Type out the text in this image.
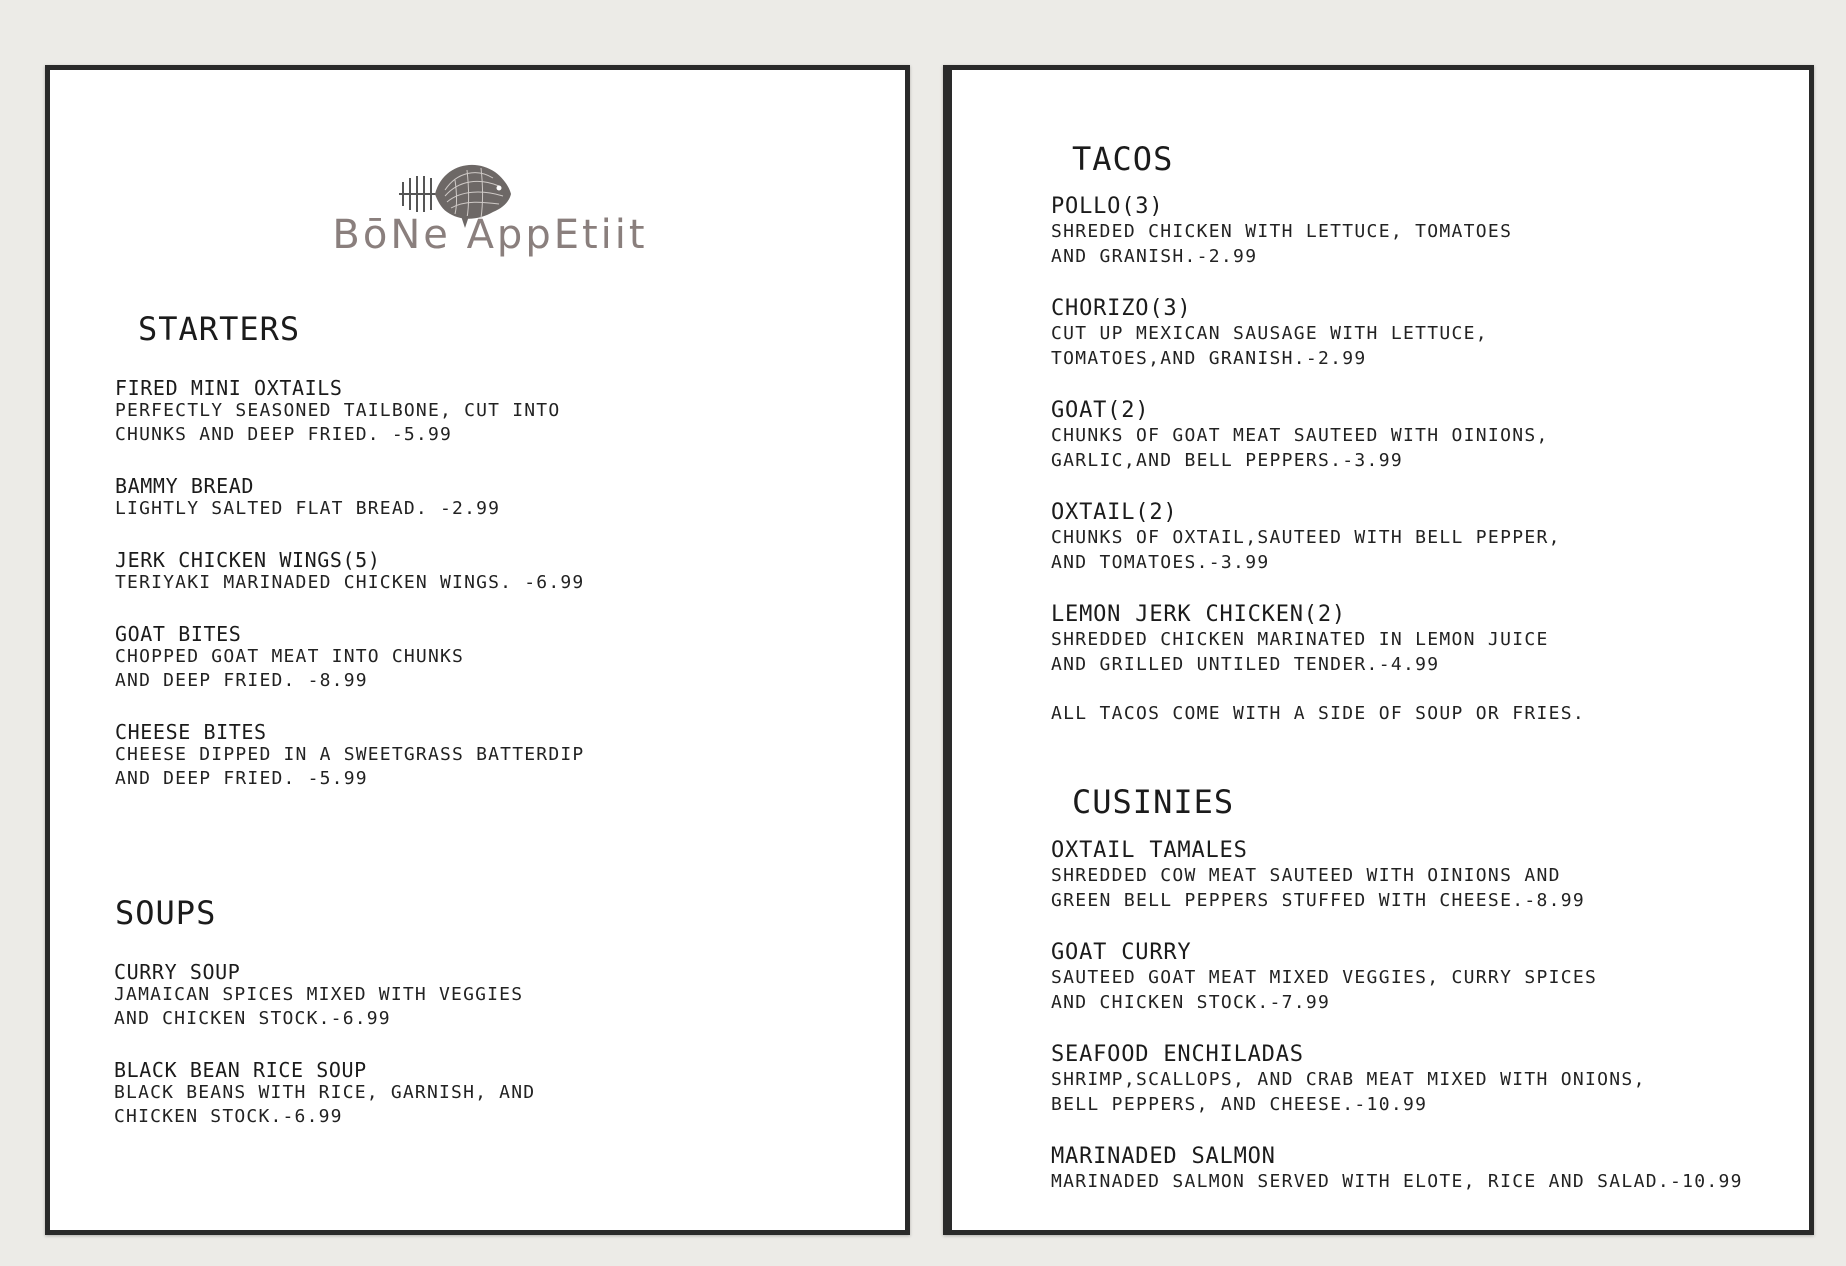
BōNe AppEtiit
STARTERS
FIRED MINI OXTAILS
PERFECTLY SEASONED TAILBONE, CUT INTO
CHUNKS AND DEEP FRIED. -5.99
BAMMY BREAD
LIGHTLY SALTED FLAT BREAD. -2.99
JERK CHICKEN WINGS(5)
TERIYAKI MARINADED CHICKEN WINGS. -6.99
GOAT BITES
CHOPPED GOAT MEAT INTO CHUNKS
AND DEEP FRIED. -8.99
CHEESE BITES
CHEESE DIPPED IN A SWEETGRASS BATTERDIP
AND DEEP FRIED. -5.99
SOUPS
CURRY SOUP
JAMAICAN SPICES MIXED WITH VEGGIES
AND CHICKEN STOCK.-6.99
BLACK BEAN RICE SOUP
BLACK BEANS WITH RICE, GARNISH, AND
CHICKEN STOCK.-6.99
TACOS
POLLO(3)
SHREDED CHICKEN WITH LETTUCE, TOMATOES
AND GRANISH.-2.99
CHORIZO(3)
CUT UP MEXICAN SAUSAGE WITH LETTUCE,
TOMATOES,AND GRANISH.-2.99
GOAT(2)
CHUNKS OF GOAT MEAT SAUTEED WITH OINIONS,
GARLIC,AND BELL PEPPERS.-3.99
OXTAIL(2)
CHUNKS OF OXTAIL,SAUTEED WITH BELL PEPPER,
AND TOMATOES.-3.99
LEMON JERK CHICKEN(2)
SHREDDED CHICKEN MARINATED IN LEMON JUICE
AND GRILLED UNTILED TENDER.-4.99
ALL TACOS COME WITH A SIDE OF SOUP OR FRIES.
CUSINIES
OXTAIL TAMALES
SHREDDED COW MEAT SAUTEED WITH OINIONS AND
GREEN BELL PEPPERS STUFFED WITH CHEESE.-8.99
GOAT CURRY
SAUTEED GOAT MEAT MIXED VEGGIES, CURRY SPICES
AND CHICKEN STOCK.-7.99
SEAFOOD ENCHILADAS
SHRIMP,SCALLOPS, AND CRAB MEAT MIXED WITH ONIONS,
BELL PEPPERS, AND CHEESE.-10.99
MARINADED SALMON
MARINADED SALMON SERVED WITH ELOTE, RICE AND SALAD.-10.99
